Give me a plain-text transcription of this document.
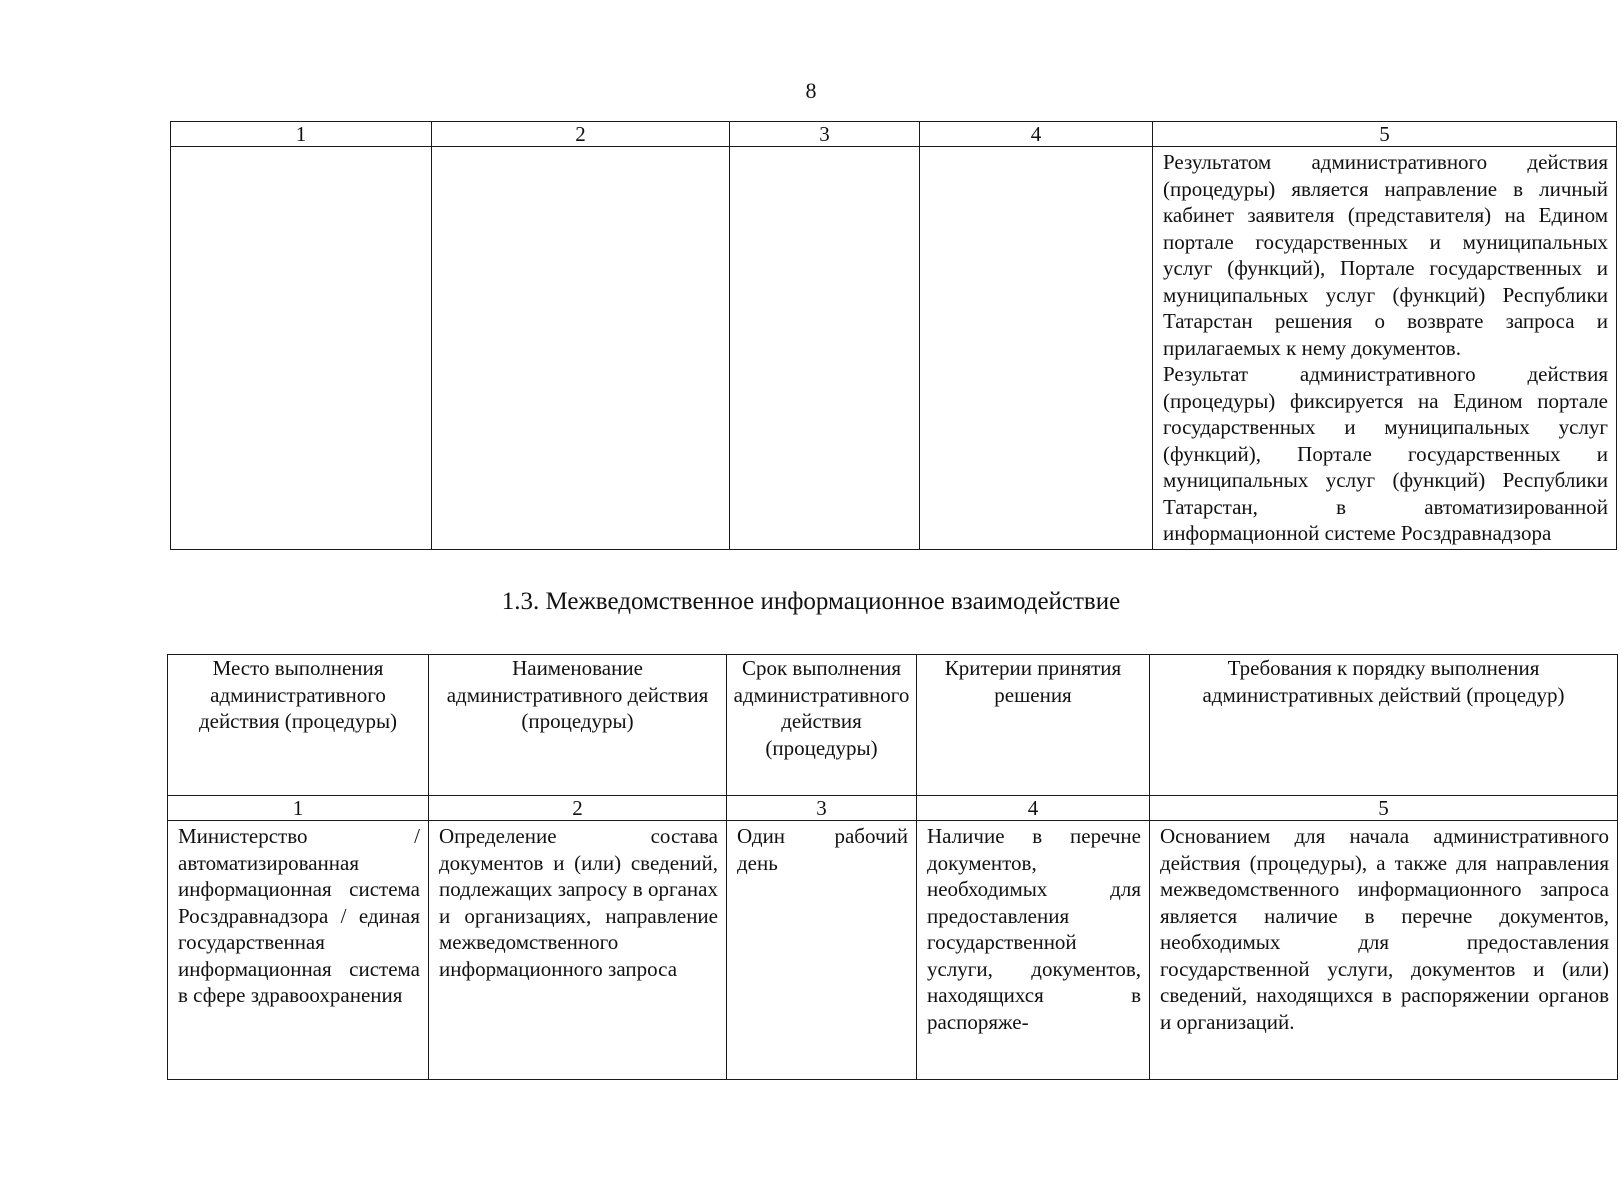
8
1	2	3	4	5

				Результатом административного действия (процедуры) является направление в личный кабинет заявителя (представителя) на Едином портале государственных и муниципальных услуг (функций), Портале государственных и муниципальных услуг (функций) Республики Татарстан решения о возврате запроса и прилагаемых к нему документов.
Результат административного действия (процедуры) фиксируется на Едином портале государственных и муниципальных услуг (функций), Портале государственных и муниципальных услуг (функций) Республики Татарстан, в автоматизированной информационной системе Росздравнадзора
1.3. Межведомственное информационное взаимодействие
Место выполнения административного действия (процедуры)	Наименование административного действия (процедуры)	Срок выполнения административного действия (процедуры)	Критерии принятия решения	Требования к порядку выполнения административных действий (процедур)
1	2	3	4	5

Министерство / автоматизированная информационная система Росздравнадзора / единая государственная информационная система в сфере здравоохранения	Определение состава документов и (или) сведений, подлежащих запросу в органах и организациях, направление межведомственного информационного запроса	Один рабочий день	Наличие в перечне документов, необходимых для предоставления государственной услуги, документов, находящихся в распоряже-	Основанием для начала административного действия (процедуры), а также для направления межведомственного информационного запроса является наличие в перечне документов, необходимых для предоставления государственной услуги, документов и (или) сведений, находящихся в распоряжении органов и организаций.
